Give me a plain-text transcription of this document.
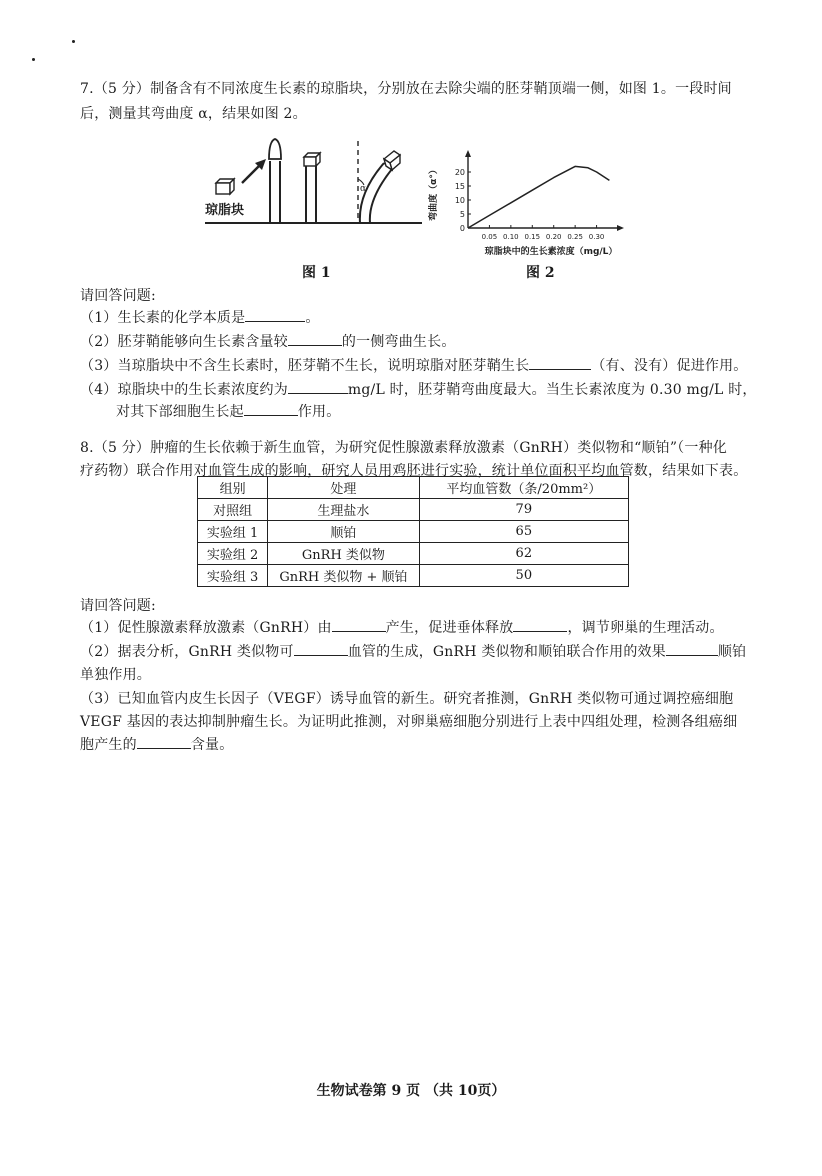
7.（5 分）制备含有不同浓度生长素的琼脂块，分别放在去除尖端的胚芽鞘顶端一侧，如图 1。一段时间
后，测量其弯曲度 α，结果如图 2。
α
琼脂块
图 1
5
10
15
20
0
0.05 0.10 0.15 0.20 0.25 0.30
琼脂块中的生长素浓度（mg/L）
弯曲度（α°）
图 2
请回答问题:
（1）生长素的化学本质是	。
（2）胚芽鞘能够向生长素含量较	的一侧弯曲生长。
（3）当琼脂块中不含生长素时，胚芽鞘不生长，说明琼脂对胚芽鞘生长	（有、没有）促进作用。
（4）琼脂块中的生长素浓度约为	mg/L 时，胚芽鞘弯曲度最大。当生长素浓度为 0.30 mg/L 时，
对其下部细胞生长起	作用。
8.（5 分）肿瘤的生长依赖于新生血管，为研究促性腺激素释放激素（GnRH）类似物和“顺铂”（一种化
疗药物）联合作用对血管生成的影响，研究人员用鸡胚进行实验，统计单位面积平均血管数，结果如下表。
组别	处理	平均血管数（条/20mm²）
对照组	生理盐水	79
实验组 1	顺铂	65
实验组 2	GnRH 类似物	62
实验组 3	GnRH 类似物 + 顺铂	50
请回答问题:
（1）促性腺激素释放激素（GnRH）由	产生，促进垂体释放	，调节卵巢的生理活动。
（2）据表分析，GnRH 类似物可	血管的生成，GnRH 类似物和顺铂联合作用的效果	顺铂
单独作用。
（3）已知血管内皮生长因子（VEGF）诱导血管的新生。研究者推测，GnRH 类似物可通过调控癌细胞
VEGF 基因的表达抑制肿瘤生长。为证明此推测，对卵巢癌细胞分别进行上表中四组处理，检测各组癌细
胞产生的	含量。
生物试卷第 9 页 （共 10页）
